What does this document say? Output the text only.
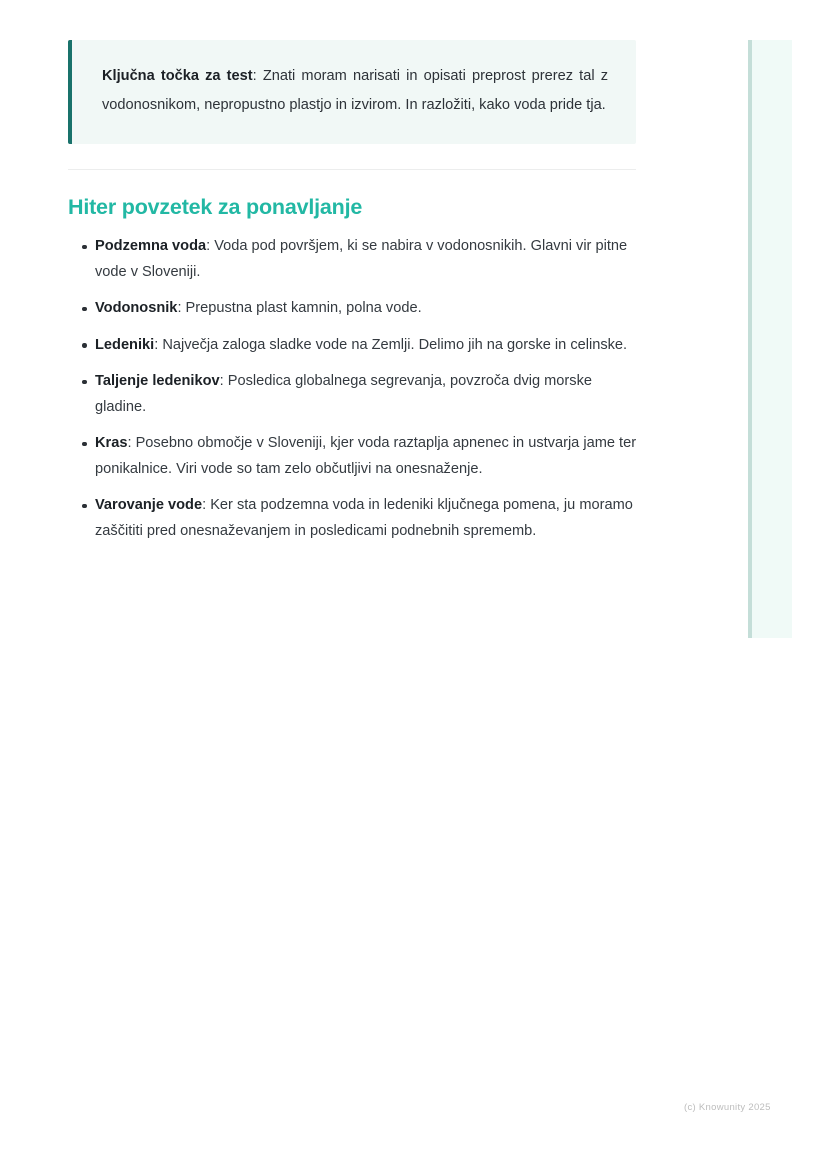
Ključna točka za test: Znati moram narisati in opisati preprost prerez tal z vodonosnikom, nepropustno plastjo in izvirom. In razložiti, kako voda pride tja.

Hiter povzetek za ponavljanje
Podzemna voda: Voda pod površjem, ki se nabira v vodonosnikih. Glavni vir pitne vode v Sloveniji.
Vodonosnik: Prepustna plast kamnin, polna vode.
Ledeniki: Največja zaloga sladke vode na Zemlji. Delimo jih na gorske in celinske.
Taljenje ledenikov: Posledica globalnega segrevanja, povzroča dvig morske gladine.
Kras: Posebno območje v Sloveniji, kjer voda raztaplja apnenec in ustvarja jame ter ponikalnice. Viri vode so tam zelo občutljivi na onesnaženje.
Varovanje vode: Ker sta podzemna voda in ledeniki ključnega pomena, ju moramo zaščititi pred onesnaževanjem in posledicami podnebnih sprememb.
(c) Knowunity 2025
